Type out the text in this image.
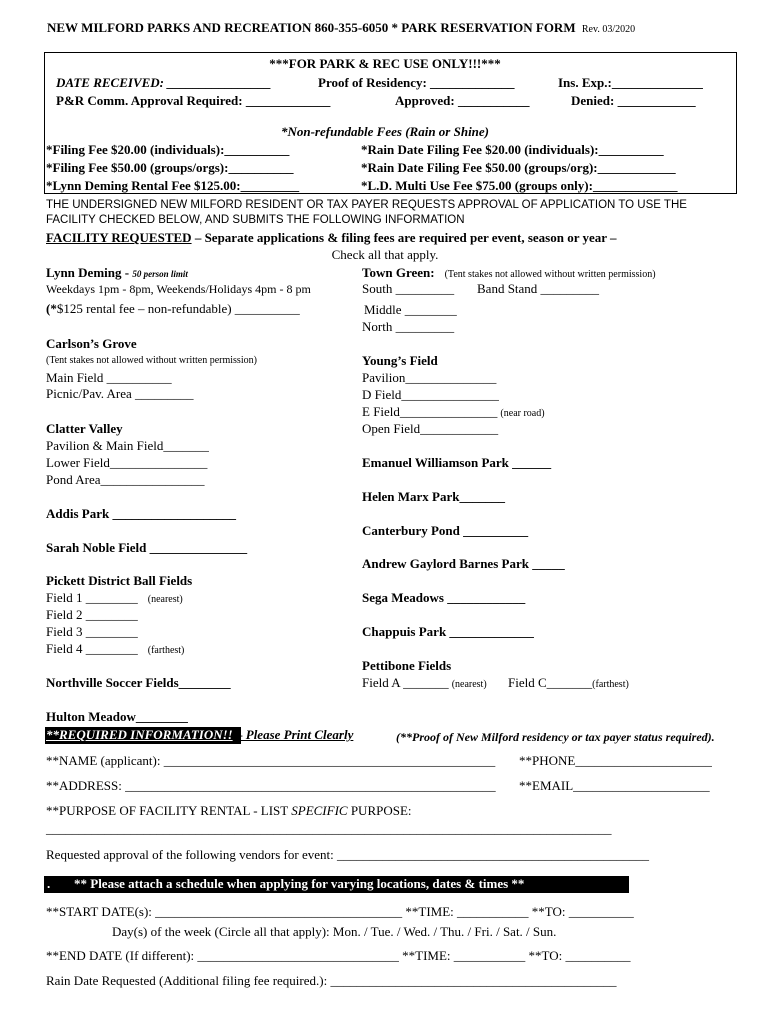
NEW MILFORD PARKS AND RECREATION 860-355-6050 * PARK RESERVATION FORM Rev. 03/2020
***FOR PARK & REC USE ONLY!!!***
DATE RECEIVED: ________________	Proof of Residency: _____________	Ins. Exp.:______________
P&R Comm. Approval Required: _____________	Approved: ___________	Denied: ____________
*Non-refundable Fees (Rain or Shine)
*Filing Fee $20.00 (individuals):__________	*Rain Date Filing Fee $20.00 (individuals):__________
*Filing Fee $50.00 (groups/orgs):__________	*Rain Date Filing Fee $50.00 (groups/org):____________
*Lynn Deming Rental Fee $125.00:_________	*L.D. Multi Use Fee $75.00 (groups only):_____________
THE UNDERSIGNED NEW MILFORD RESIDENT OR TAX PAYER REQUESTS APPROVAL OF APPLICATION TO USE THE
FACILITY CHECKED BELOW, AND SUBMITS THE FOLLOWING INFORMATION
FACILITY REQUESTED – Separate applications & filing fees are required per event, season or year –
Check all that apply.
Lynn Deming - 50 person limit
Weekdays 1pm - 8pm, Weekends/Holidays 4pm - 8 pm
(*$125 rental fee – non-refundable) __________
Carlson’s Grove
(Tent stakes not allowed without written permission)
Main Field __________
Picnic/Pav. Area _________
Clatter Valley
Pavilion & Main Field_______
Lower Field_______________
Pond Area________________
Addis Park ___________________
Sarah Noble Field _______________
Pickett District Ball Fields
Field 1 ________ (nearest)
Field 2 ________
Field 3 ________
Field 4 ________ (farthest)
Northville Soccer Fields________
Hulton Meadow________
Town Green: (Tent stakes not allowed without written permission)
South _________ Band Stand _________
Middle ________
North _________
Young’s Field
Pavilion______________
D Field_______________
E Field_______________ (near road)
Open Field____________
Emanuel Williamson Park ______
Helen Marx Park_______
Canterbury Pond __________
Andrew Gaylord Barnes Park _____
Sega Meadows ____________
Chappuis Park _____________
Pettibone Fields
Field A _______ (nearest) Field C_______(farthest)
**REQUIRED INFORMATION!! – Please Print Clearly	(**Proof of New Milford residency or tax payer status required).
**NAME (applicant): ___________________________________________________ **PHONE_____________________
**ADDRESS: _________________________________________________________ **EMAIL_____________________
**PURPOSE OF FACILITY RENTAL - LIST SPECIFIC PURPOSE:
_______________________________________________________________________________________
Requested approval of the following vendors for event: ________________________________________________
. ** Please attach a schedule when applying for varying locations, dates & times **	.
**START DATE(s): ______________________________________ **TIME: ___________ **TO: __________
Day(s) of the week (Circle all that apply): Mon. / Tue. / Wed. / Thu. / Fri. / Sat. / Sun.
**END DATE (If different): _______________________________ **TIME: ___________ **TO: __________
Rain Date Requested (Additional filing fee required.): ____________________________________________
